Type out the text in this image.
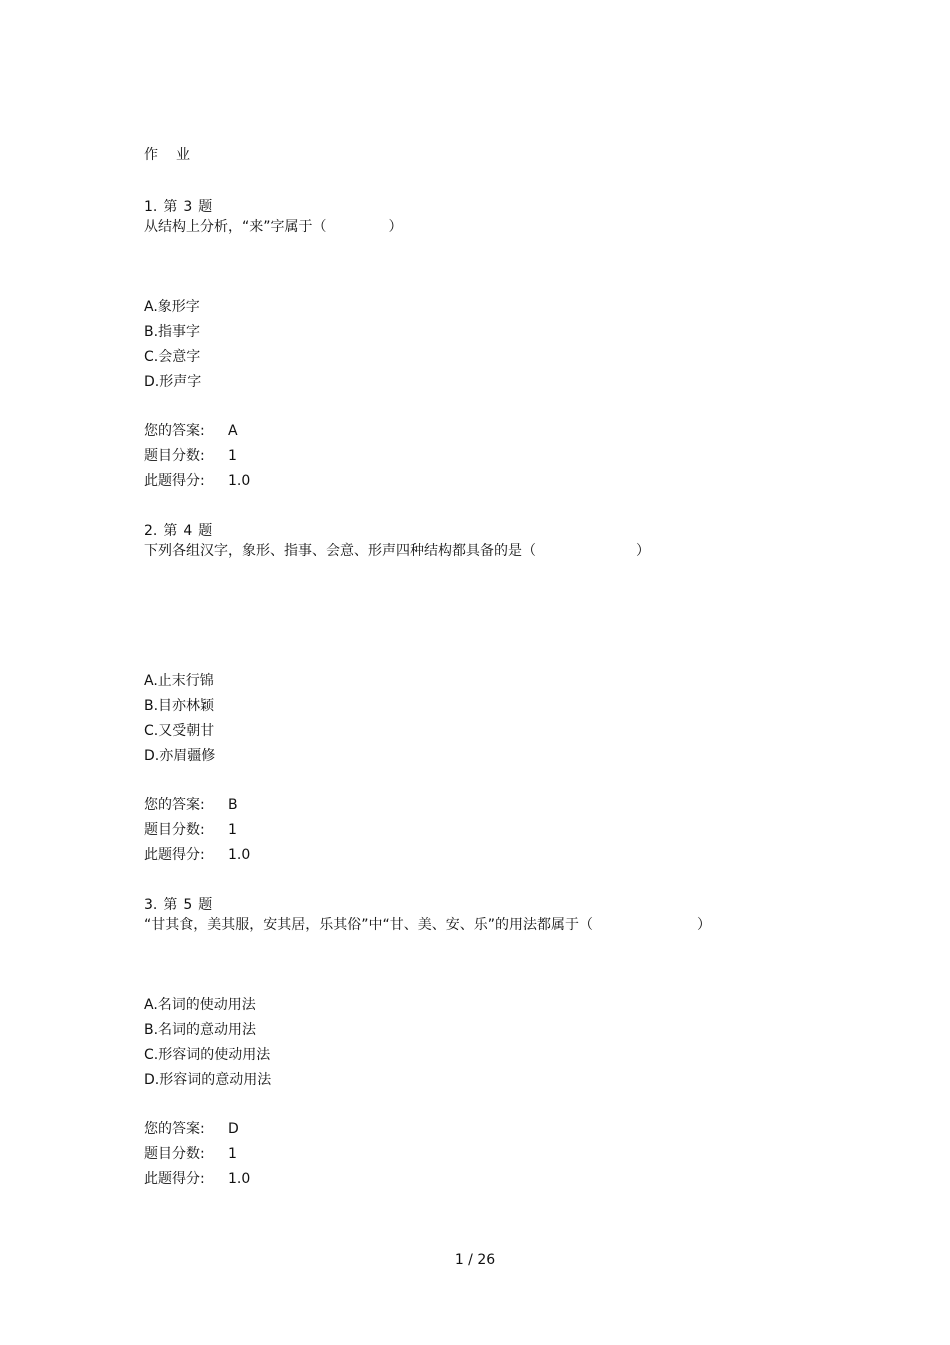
作 业
1. 第 3 题
从结构上分析，“来”字属于（	）
A.象形字
B.指事字
C.会意字
D.形声字
您的答案:	A
题目分数:	1
此题得分:	1.0
2. 第 4 题
下列各组汉字，象形、指事、会意、形声四种结构都具备的是（	）
A.止末行锦
B.目亦林颖
C.又受朝甘
D.亦眉疆修
您的答案:	B
题目分数:	1
此题得分:	1.0
3. 第 5 题
“甘其食，美其服，安其居，乐其俗”中“甘、美、安、乐”的用法都属于（	）
A.名词的使动用法
B.名词的意动用法
C.形容词的使动用法
D.形容词的意动用法
您的答案:	D
题目分数:	1
此题得分:	1.0
1 / 26
